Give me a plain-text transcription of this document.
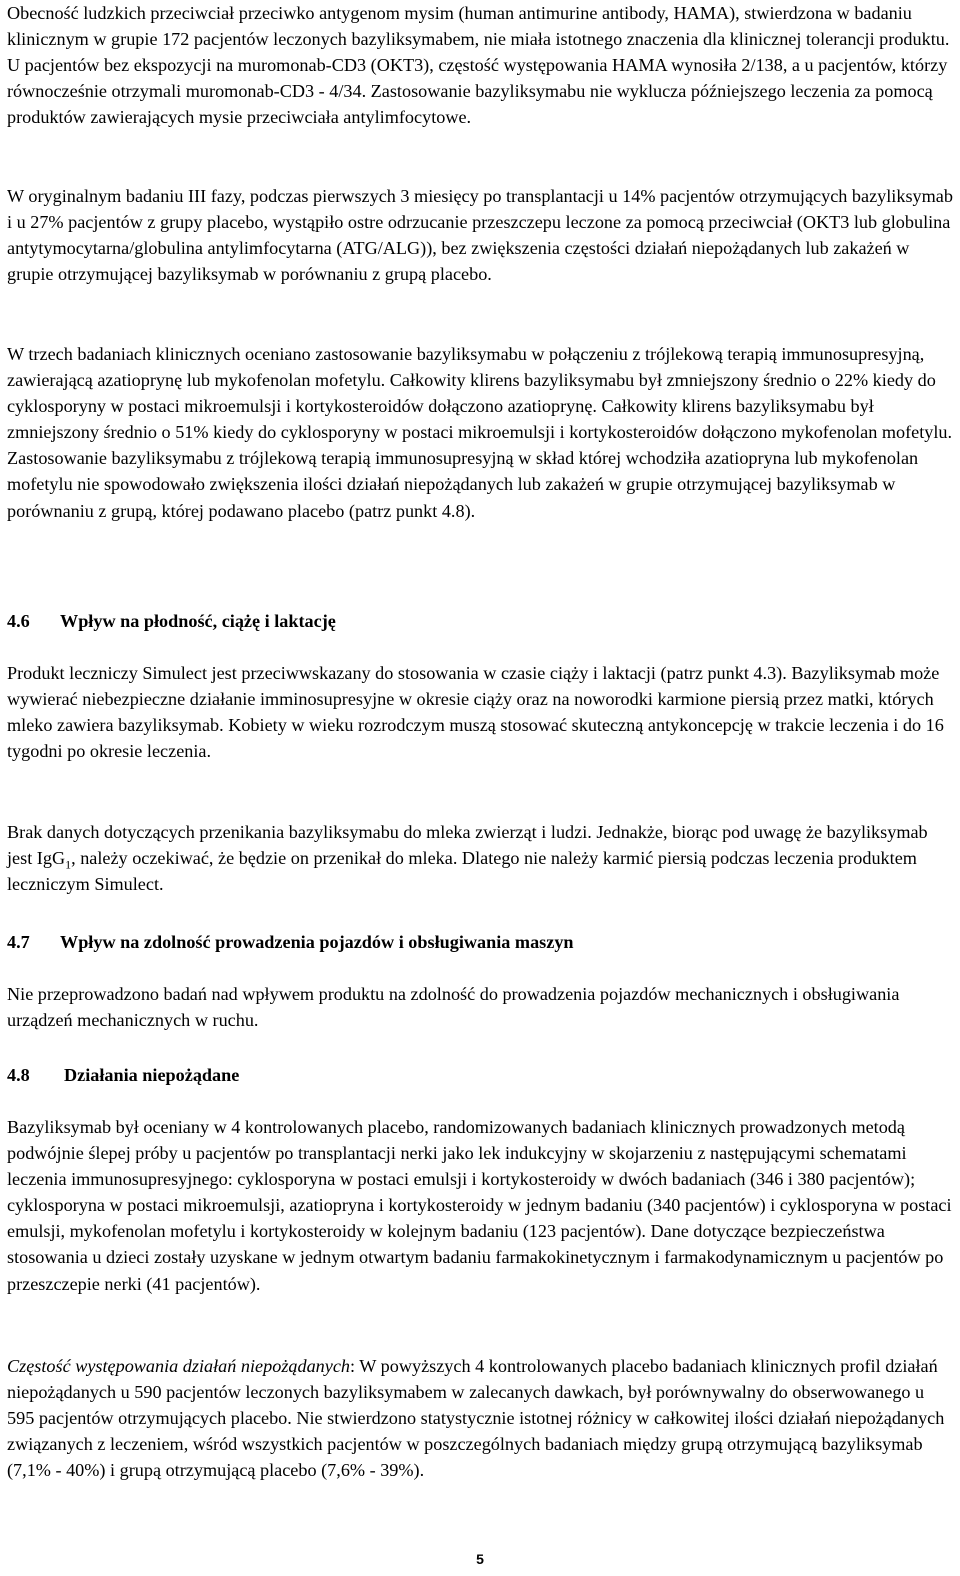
Obecność ludzkich przeciwciał przeciwko antygenom mysim (human antimurine antibody, HAMA), stwierdzona w badaniu klinicznym w grupie 172 pacjentów leczonych bazyliksymabem, nie miała istotnego znaczenia dla klinicznej tolerancji produktu. U pacjentów bez ekspozycji na muromonab-CD3 (OKT3), częstość występowania HAMA wynosiła 2/138, a u pacjentów, którzy równocześnie otrzymali muromonab-CD3 - 4/34. Zastosowanie bazyliksymabu nie wyklucza późniejszego leczenia za pomocą produktów zawierających mysie przeciwciała antylimfocytowe.

W oryginalnym badaniu III fazy, podczas pierwszych 3 miesięcy po transplantacji u 14% pacjentów otrzymujących bazyliksymab i u 27% pacjentów z grupy placebo, wystąpiło ostre odrzucanie przeszczepu leczone za pomocą przeciwciał (OKT3 lub globulina antytymocytarna/globulina antylimfocytarna (ATG/ALG)), bez zwiększenia częstości działań niepożądanych lub zakażeń w grupie otrzymującej bazyliksymab w porównaniu z grupą placebo.

W trzech badaniach klinicznych oceniano zastosowanie bazyliksymabu w połączeniu z trójlekową terapią immunosupresyjną, zawierającą azatioprynę lub mykofenolan mofetylu. Całkowity klirens bazyliksymabu był zmniejszony średnio o 22% kiedy do cyklosporyny w postaci mikroemulsji i kortykosteroidów dołączono azatioprynę. Całkowity klirens bazyliksymabu był zmniejszony średnio o 51% kiedy do cyklosporyny w postaci mikroemulsji i kortykosteroidów dołączono mykofenolan mofetylu. Zastosowanie bazyliksymabu z trójlekową terapią immunosupresyjną w skład której wchodziła azatiopryna lub mykofenolan mofetylu nie spowodowało zwiększenia ilości działań niepożądanych lub zakażeń w grupie otrzymującej bazyliksymab w porównaniu z grupą, której podawano placebo (patrz punkt 4.8).

4.6	Wpływ na płodność, ciążę i laktację

Produkt leczniczy Simulect jest przeciwwskazany do stosowania w czasie ciąży i laktacji (patrz punkt 4.3). Bazyliksymab może wywierać niebezpieczne działanie imminosupresyjne w okresie ciąży oraz na noworodki karmione piersią przez matki, których mleko zawiera bazyliksymab. Kobiety w wieku rozrodczym muszą stosować skuteczną antykoncepcję w trakcie leczenia i do 16 tygodni po okresie leczenia.

Brak danych dotyczących przenikania bazyliksymabu do mleka zwierząt i ludzi. Jednakże, biorąc pod uwagę że bazyliksymab jest IgG$_1$, należy oczekiwać, że będzie on przenikał do mleka. Dlatego nie należy karmić piersią podczas leczenia produktem leczniczym Simulect.

4.7	Wpływ na zdolność prowadzenia pojazdów i obsługiwania maszyn

Nie przeprowadzono badań nad wpływem produktu na zdolność do prowadzenia pojazdów mechanicznych i obsługiwania urządzeń mechanicznych w ruchu.

4.8	Działania niepożądane

Bazyliksymab był oceniany w 4 kontrolowanych placebo, randomizowanych badaniach klinicznych prowadzonych metodą podwójnie ślepej próby u pacjentów po transplantacji nerki jako lek indukcyjny w skojarzeniu z następującymi schematami leczenia immunosupresyjnego: cyklosporyna w postaci emulsji i kortykosteroidy w dwóch badaniach (346 i 380 pacjentów); cyklosporyna w postaci mikroemulsji, azatiopryna i kortykosteroidy w jednym badaniu (340 pacjentów) i cyklosporyna w postaci emulsji, mykofenolan mofetylu i kortykosteroidy w kolejnym badaniu (123 pacjentów). Dane dotyczące bezpieczeństwa stosowania u dzieci zostały uzyskane w jednym otwartym badaniu farmakokinetycznym i farmakodynamicznym u pacjentów po przeszczepie nerki (41 pacjentów).

Częstość występowania działań niepożądanych: W powyższych 4 kontrolowanych placebo badaniach klinicznych profil działań niepożądanych u 590 pacjentów leczonych bazyliksymabem w zalecanych dawkach, był porównywalny do obserwowanego u 595 pacjentów otrzymujących placebo. Nie stwierdzono statystycznie istotnej różnicy w całkowitej ilości działań niepożądanych związanych z leczeniem, wśród wszystkich pacjentów w poszczególnych badaniach między grupą otrzymującą bazyliksymab (7,1% - 40%) i grupą otrzymującą placebo (7,6% - 39%).

5
